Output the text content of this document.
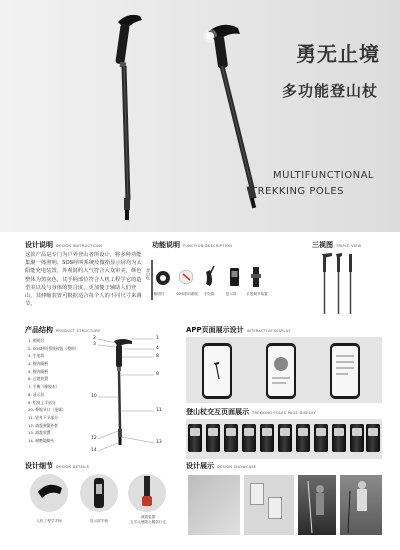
勇无止境
多功能登山杖
MULTIFUNCTIONAL
TREKKING POLES
设计说明 DESIGN INSTRUCTIONS
这款产品是专门为户外登山者所设计，将多种功能集聚一体照明、SOS呼叫系统及微指显示屏均为太阳能充电装置，外观简约大气符合大众审美，颜色整体为黑灰色，其手柄部位符合人机工程学它的造型美以及与身体的契合度，更加便于辅助人们登山，其伸缩装置可根据适合每个人的不同尺寸来调节。
功能说明 FUNCTION DESCRIPTION
登山杖
照明灯	SOS呼叫系统	手电筒	显示屏	长度调节装置
三视图 TRIPLE VIEW
产品结构 PRODUCT STRUCTURE
1. 照明灯
2. SOS呼叫系统按钮（塑料）
3. 手电筒
4. 握内圈柄
5. 握内圈柄
6. 过渡装置
7. 手腕（橡胶布）
8. 显示屏
9. 铝身上半部分
10. 伸缩节口（金属）
11. 铝身下半部分
12. 减震弹簧外套
13. 减震装置
14. 耐磨地脚头
2
3
10
12
14
1
4
8
9
11
13
APP页面展示设计 INTERACTIVE DISPLAY
登山杖交互页面展示 TREKKING POLES PAGE DISPLAY
设计细节 DESIGN DETAILS
人机工程学手柄	显示屏手柄
减震装置
五羊大理随上腰部行走
设计展示 DESIGN SHOWCASE
